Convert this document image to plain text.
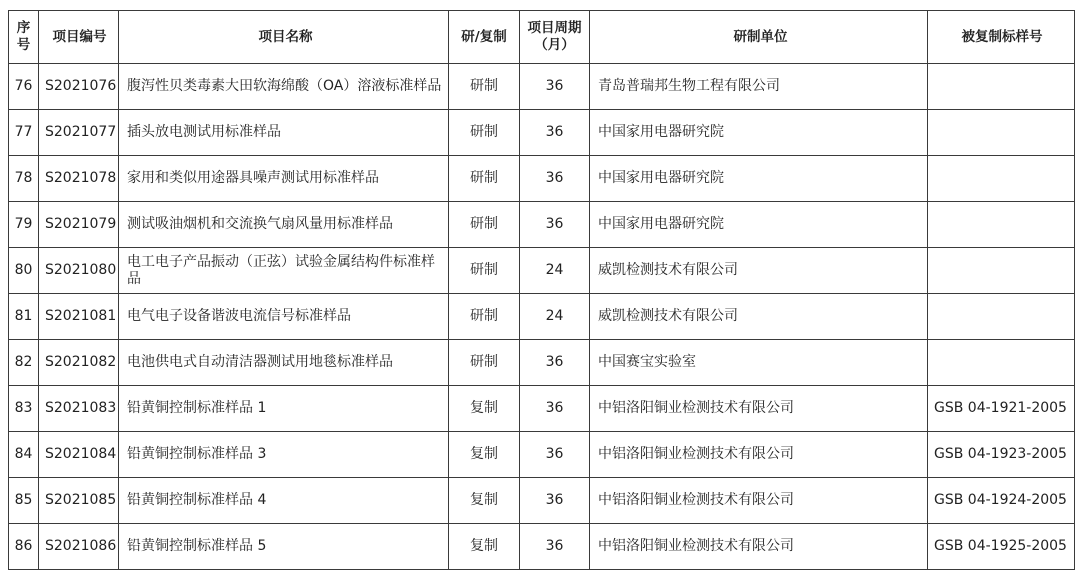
序号	项目编号	项目名称	研/复制	项目周期（月）	研制单位	被复制标样号
76	S2021076	腹泻性贝类毒素大田软海绵酸（OA）溶液标准样品	研制	36	青岛普瑞邦生物工程有限公司	
77	S2021077	插头放电测试用标准样品	研制	36	中国家用电器研究院	
78	S2021078	家用和类似用途器具噪声测试用标准样品	研制	36	中国家用电器研究院	
79	S2021079	测试吸油烟机和交流换气扇风量用标准样品	研制	36	中国家用电器研究院	
80	S2021080	电工电子产品振动（正弦）试验金属结构件标准样品	研制	24	威凯检测技术有限公司	
81	S2021081	电气电子设备谐波电流信号标准样品	研制	24	威凯检测技术有限公司	
82	S2021082	电池供电式自动清洁器测试用地毯标准样品	研制	36	中国赛宝实验室	
83	S2021083	铅黄铜控制标准样品 1	复制	36	中铝洛阳铜业检测技术有限公司	GSB 04-1921-2005
84	S2021084	铅黄铜控制标准样品 3	复制	36	中铝洛阳铜业检测技术有限公司	GSB 04-1923-2005
85	S2021085	铅黄铜控制标准样品 4	复制	36	中铝洛阳铜业检测技术有限公司	GSB 04-1924-2005
86	S2021086	铅黄铜控制标准样品 5	复制	36	中铝洛阳铜业检测技术有限公司	GSB 04-1925-2005
